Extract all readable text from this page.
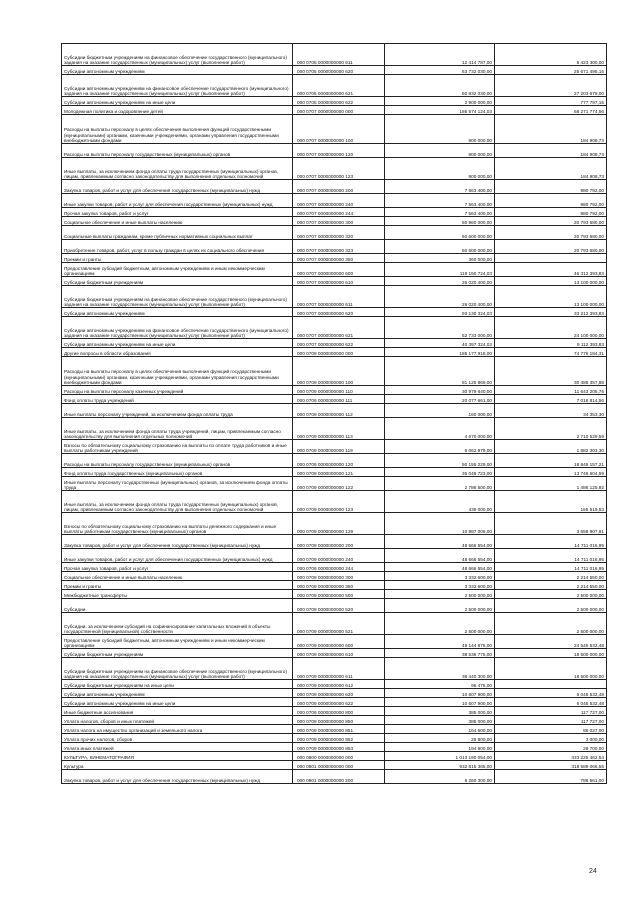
Субсидии бюджетным учреждениям на финансовое обеспечение государственного (муниципального) задания на оказание государственных (муниципальных) услуг (выполнение работ)	000 0705 0000000000 611	12 414 787,00	5 423 300,00
Субсидии автономным учреждениям	000 0705 0000000000 620	53 732 030,00	26 671 495,15
Субсидии автономным учреждениям на финансовое обеспечение государственного (муниципального) задания на оказание государственных (муниципальных) услуг (выполнение работ)	000 0705 0000000000 621	50 832 030,00	27 203 679,00
Субсидии автономным учреждениям на иные цели	000 0705 0000000000 622	2 900 000,00	777 797,15
Молодежная политика и оздоровление детей	000 0707 0000000000 000	186 574 124,03	68 271 774,56
Расходы на выплаты персоналу в целях обеспечения выполнения функций государственными (муниципальными) органами, казенными учреждениями, органами управления государственными внебюджетными фондами	000 0707 0000000000 100	900 000,00	184 908,73
Расходы на выплаты персоналу государственных (муниципальных) органов	000 0707 0000000000 120	900 000,00	184 908,73
Иные выплаты, за исключением фонда оплаты труда государственных (муниципальных) органов, лицам, привлекаемым согласно законодательству для выполнения отдельных полномочий	000 0707 0000000000 123	900 000,00	184 908,73
Закупка товаров, работ и услуг для обеспечения государственных (муниципальных) нужд	000 0707 0000000000 200	7 563 400,00	980 792,00
Иные закупки товаров, работ и услуг для обеспечения государственных (муниципальных) нужд	000 0707 0000000000 240	7 563 400,00	980 792,00
Прочая закупка товаров, работ и услуг	000 0707 0000000000 244	7 563 400,00	980 792,00
Социальное обеспечение и иные выплаты населению	000 0707 0000000000 300	60 960 000,00	20 793 680,00
Социальные выплаты гражданам, кроме публичных нормативных социальных выплат	000 0707 0000000000 320	60 600 000,00	20 793 680,00
Приобретение товаров, работ, услуг в пользу граждан в целях их социального обеспечения	000 0707 0000000000 323	60 600 000,00	20 793 680,00
Премии и гранты	000 0707 0000000000 350	360 000,00	
Предоставление субсидий бюджетным, автономным учреждениям и иным некоммерческим организациям	000 0707 0000000000 600	119 150 724,03	46 312 393,83
Субсидии бюджетным учреждениям	000 0707 0000000000 610	26 020 400,00	13 100 000,00
Субсидии бюджетным учреждениям на финансовое обеспечение государственного (муниципального) задания на оказание государственных (муниципальных) услуг (выполнение работ)	000 0707 0000000000 611	26 020 400,00	13 100 000,00
Субсидии автономным учреждениям	000 0707 0000000000 620	93 130 324,03	33 212 393,83
Субсидии автономным учреждениям на финансовое обеспечение государственного (муниципального) задания на оказание государственных (муниципальных) услуг (выполнение работ)	000 0707 0000000000 621	52 733 000,00	24 100 000,00
Субсидии автономным учреждениям на иные цели	000 0707 0000000000 622	40 397 324,03	9 112 393,83
Другие вопросы в области образования	000 0709 0000000000 000	185 177 918,00	74 776 184,31
Расходы на выплаты персоналу в целях обеспечения выполнения функций государственными (муниципальными) органами, казенными учреждениями, органами управления государственными внебюджетными фондами	000 0709 0000000000 100	81 125 869,00	30 488 357,88
Расходы на выплаты персоналу казенных учреждений	000 0709 0000000000 110	30 979 640,00	11 643 205,75
Фонд оплаты труда учреждений	000 0709 0000000000 111	20 077 661,00	7 016 814,56
Иные выплаты персоналу учреждений, за исключением фонда оплаты труда	000 0709 0000000000 112	160 000,00	34 353,30
Иные выплаты, за исключением фонда оплаты труда учреждений, лицам, привлекаемым согласно законодательству для выполнения отдельных полномочий	000 0709 0000000000 113	4 670 000,00	2 710 529,59
Взносы по обязательному социальному страхованию на выплаты по оплате труда работников и иные выплаты работникам учреждений	000 0709 0000000000 119	6 062 979,00	1 882 303,30
Расходы на выплаты персоналу государственных (муниципальных) органов	000 0709 0000000000 120	50 155 229,00	18 846 157,21
Фонд оплаты труда государственных (муниципальных) органов	000 0709 0000000000 121	36 049 723,00	13 746 604,59
Иные выплаты персоналу государственных (муниципальных) органов, за исключением фонда оплаты труда	000 0709 0000000000 122	2 786 500,00	1 486 125,92
Иные выплаты, за исключением фонда оплаты труда государственных (муниципальных) органов, лицам, привлекаемым согласно законодательству для выполнения отдельных полномочий	000 0709 0000000000 123	435 000,00	155 519,53
Взносы по обязательному социальному страхованию на выплаты денежного содержания и иные выплаты работникам государственных (муниципальных) органов	000 0709 0000000000 129	10 887 006,00	3 658 907,91
Закупка товаров, работ и услуг для обеспечения государственных (муниципальных) нужд	000 0709 0000000000 200	48 666 554,00	14 711 016,95
Иные закупки товаров, работ и услуг для обеспечения государственных (муниципальных) нужд	000 0709 0000000000 240	48 666 554,00	14 711 016,95
Прочая закупка товаров, работ и услуг	000 0709 0000000000 244	48 666 554,00	14 711 016,95
Социальное обеспечение и иные выплаты населению	000 0709 0000000000 300	3 332 600,00	2 214 550,00
Премии и гранты	000 0709 0000000000 350	3 332 600,00	2 214 550,00
Межбюджетные трансферты	000 0709 0000000000 500	2 500 000,00	2 500 000,00
Субсидии	000 0709 0000000000 520	2 500 000,00	2 500 000,00
Субсидии, за исключением субсидий на софинансирование капитальных вложений в объекты государственной (муниципальной) собственности	000 0709 0000000000 521	2 500 000,00	2 500 000,00
Предоставление субсидий бюджетным, автономным учреждениям и иным некоммерческим организациям	000 0709 0000000000 600	49 144 875,00	24 545 532,48
Субсидии бюджетным учреждениям	000 0709 0000000000 610	38 536 775,00	18 500 000,00
Субсидии бюджетным учреждениям на финансовое обеспечение государственного (муниципального) задания на оказание государственных (муниципальных) услуг (выполнение работ)	000 0709 0000000000 611	38 440 300,00	18 500 000,00
Субсидии бюджетным учреждениям на иные цели	000 0709 0000000000 612	96 475,00	
Субсидии автономным учреждениям	000 0709 0000000000 620	10 607 900,00	6 045 532,48
Субсидии автономным учреждениям на иные цели	000 0709 0000000000 622	10 607 900,00	6 045 532,48
Иные бюджетные ассигнования	000 0709 0000000000 800	385 000,00	117 727,00
Уплата налогов, сборов и иных платежей	000 0709 0000000000 850	385 000,00	117 727,00
Уплата налога на имущество организаций и земельного налога	000 0709 0000000000 851	164 600,00	86 027,00
Уплата прочих налогов, сборов	000 0709 0000000000 852	25 800,00	3 000,00
Уплата иных платежей	000 0709 0000000000 853	194 600,00	28 700,00
КУЛЬТУРА, КИНЕМАТОГРАФИЯ	000 0800 0000000000 000	1 013 190 054,00	333 225 462,54
Культура	000 0801 0000000000 000	932 815 365,00	318 589 066,55
Закупка товаров, работ и услуг для обеспечения государственных (муниципальных) нужд	000 0801 0000000000 200	6 260 300,00	786 561,00
24
